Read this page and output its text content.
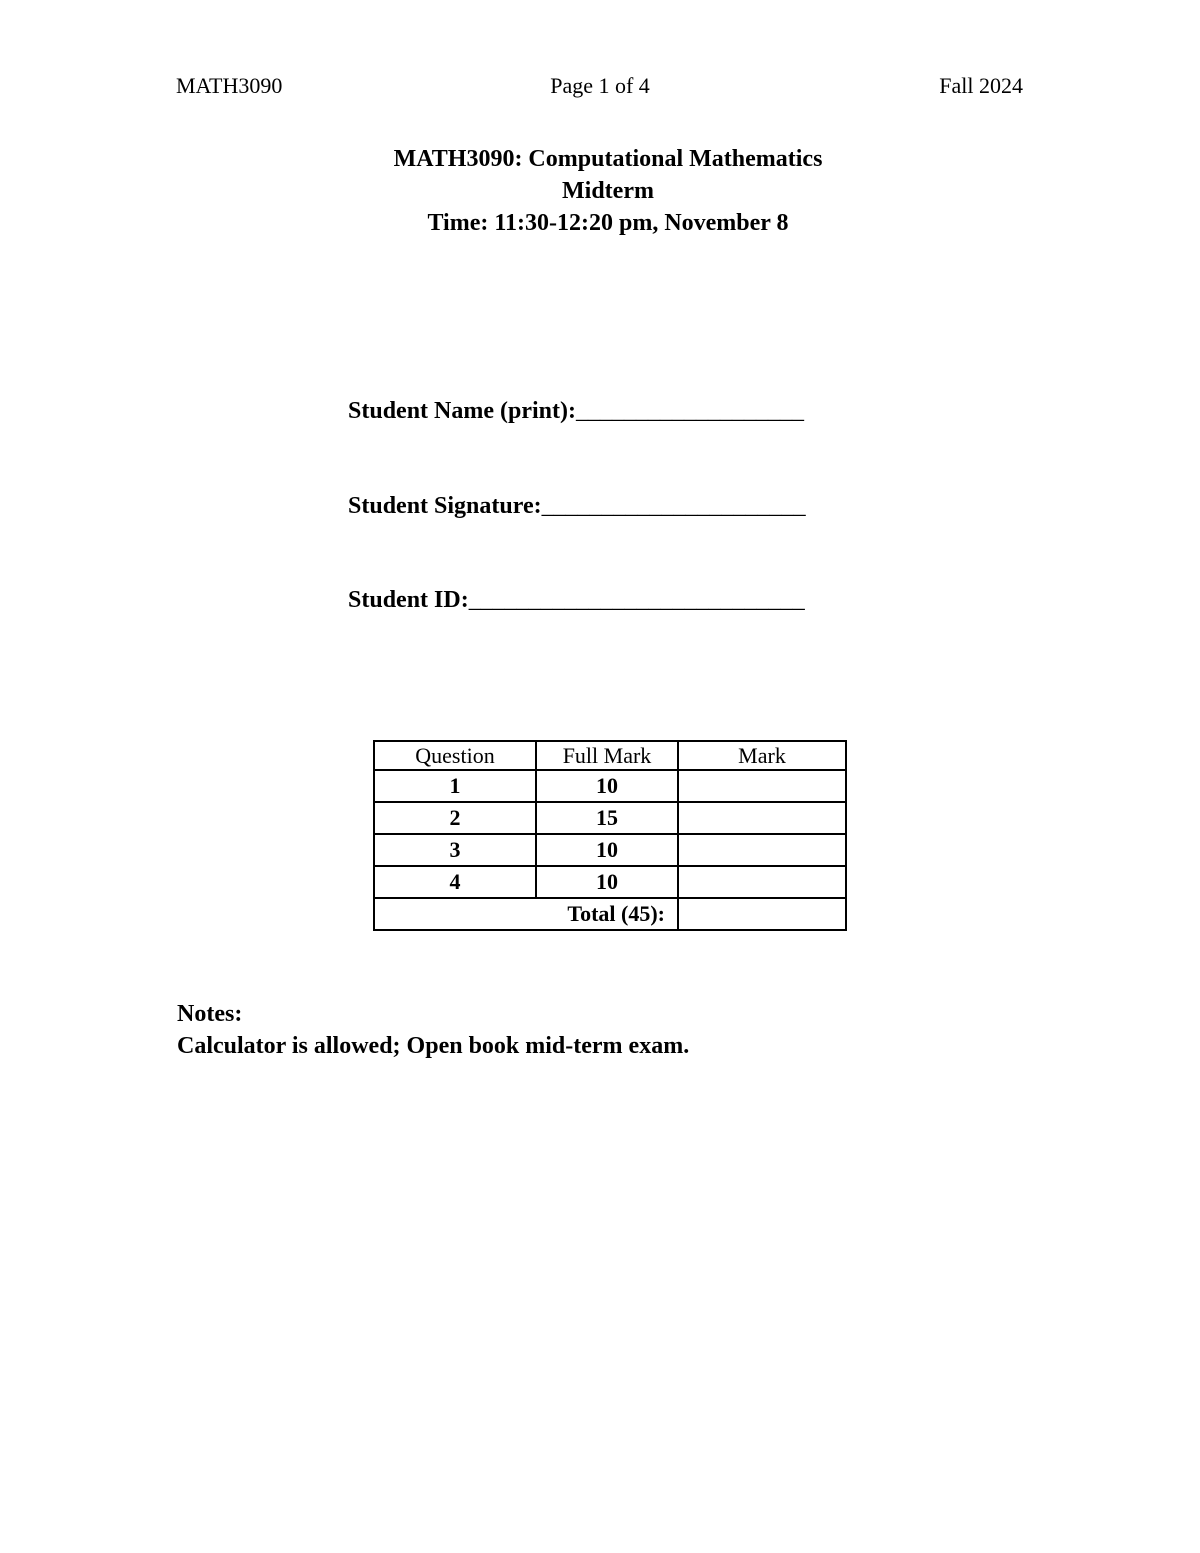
MATH3090	Page 1 of 4	Fall 2024
MATH3090: Computational Mathematics
Midterm
Time: 11:30-12:20 pm, November 8
Student Name (print):___________________
Student Signature:______________________
Student ID:____________________________
Question	Full Mark	Mark
1	10	
2	15	
3	10	
4	10	
Total (45):		
Notes:
Calculator is allowed; Open book mid-term exam.
